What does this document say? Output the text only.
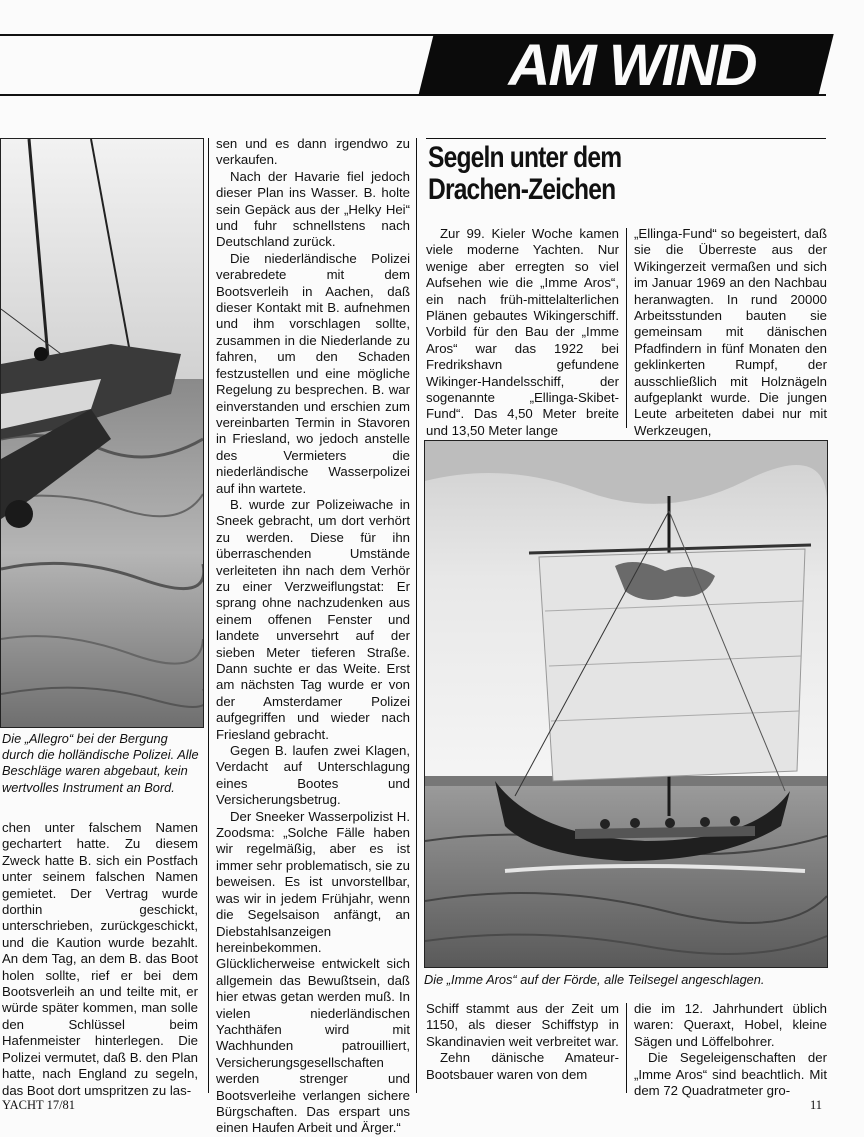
AM WIND
Die „Allegro“ bei der Bergung durch die holländische Polizei. Alle Beschläge waren abgebaut, kein wertvolles Instrument an Bord.

chen unter falschem Namen gechartert hatte. Zu diesem Zweck hatte B. sich ein Postfach unter seinem falschen Namen gemietet. Der Vertrag wurde dorthin geschickt, unterschrieben, zurückgeschickt, und die Kaution wurde bezahlt. An dem Tag, an dem B. das Boot holen sollte, rief er bei dem Bootsverleih an und teilte mit, er würde später kommen, man solle den Schlüssel beim Hafenmeister hinterlegen. Die Polizei vermutet, daß B. den Plan hatte, nach England zu segeln, das Boot dort umspritzen zu las-

sen und es dann irgendwo zu verkaufen.

Nach der Havarie fiel jedoch dieser Plan ins Wasser. B. holte sein Gepäck aus der „Helky Hei“ und fuhr schnellstens nach Deutschland zurück.

Die niederländische Polizei verabredete mit dem Bootsverleih in Aachen, daß dieser Kontakt mit B. aufnehmen und ihm vorschlagen sollte, zusammen in die Niederlande zu fahren, um den Schaden festzustellen und eine mögliche Regelung zu besprechen. B. war einverstanden und erschien zum vereinbarten Termin in Stavoren in Friesland, wo jedoch anstelle des Vermieters die niederländische Wasserpolizei auf ihn wartete.

B. wurde zur Polizeiwache in Sneek gebracht, um dort verhört zu werden. Diese für ihn überraschenden Umstände verleiteten ihn nach dem Verhör zu einer Verzweiflungstat: Er sprang ohne nachzudenken aus einem offenen Fenster und landete unversehrt auf der sieben Meter tieferen Straße. Dann suchte er das Weite. Erst am nächsten Tag wurde er von der Amsterdamer Polizei aufgegriffen und wieder nach Friesland gebracht.

Gegen B. laufen zwei Klagen, Verdacht auf Unterschlagung eines Bootes und Versicherungsbetrug.

Der Sneeker Wasserpolizist H. Zoodsma: „Solche Fälle haben wir regelmäßig, aber es ist immer sehr problematisch, sie zu beweisen. Es ist unvorstellbar, was wir in jedem Frühjahr, wenn die Segelsaison anfängt, an Diebstahlsanzeigen hereinbekommen. Glücklicherweise entwickelt sich allgemein das Bewußtsein, daß hier etwas getan werden muß. In vielen niederländischen Yachthäfen wird mit Wachhunden patrouilliert, Versicherungsgesellschaften werden strenger und Bootsverleihe verlangen sichere Bürgschaften. Das erspart uns einen Haufen Arbeit und Ärger.“

Segeln unter dem
Drachen-Zeichen

Zur 99. Kieler Woche kamen viele moderne Yachten. Nur wenige aber erregten so viel Aufsehen wie die „Imme Aros“, ein nach früh-mittelalterlichen Plänen gebautes Wikingerschiff. Vorbild für den Bau der „Imme Aros“ war das 1922 bei Fredrikshavn gefundene Wikinger-Handelsschiff, der sogenannte „Ellinga-Skibet-Fund“. Das 4,50 Meter breite und 13,50 Meter lange

„Ellinga-Fund“ so begeistert, daß sie die Überreste aus der Wikingerzeit vermaßen und sich im Januar 1969 an den Nachbau heranwagten. In rund 20000 Arbeitsstunden bauten sie gemeinsam mit dänischen Pfadfindern in fünf Monaten den geklinkerten Rumpf, der ausschließlich mit Holznägeln aufgeplankt wurde. Die jungen Leute arbeiteten dabei nur mit Werkzeugen,

Die „Imme Aros“ auf der Förde, alle Teilsegel angeschlagen.

Schiff stammt aus der Zeit um 1150, als dieser Schiffstyp in Skandinavien weit verbreitet war.

Zehn dänische Amateur-Bootsbauer waren von dem

die im 12. Jahrhundert üblich waren: Queraxt, Hobel, kleine Sägen und Löffelbohrer.

Die Segeleigenschaften der „Imme Aros“ sind beachtlich. Mit dem 72 Quadratmeter gro-

YACHT 17/81	11
